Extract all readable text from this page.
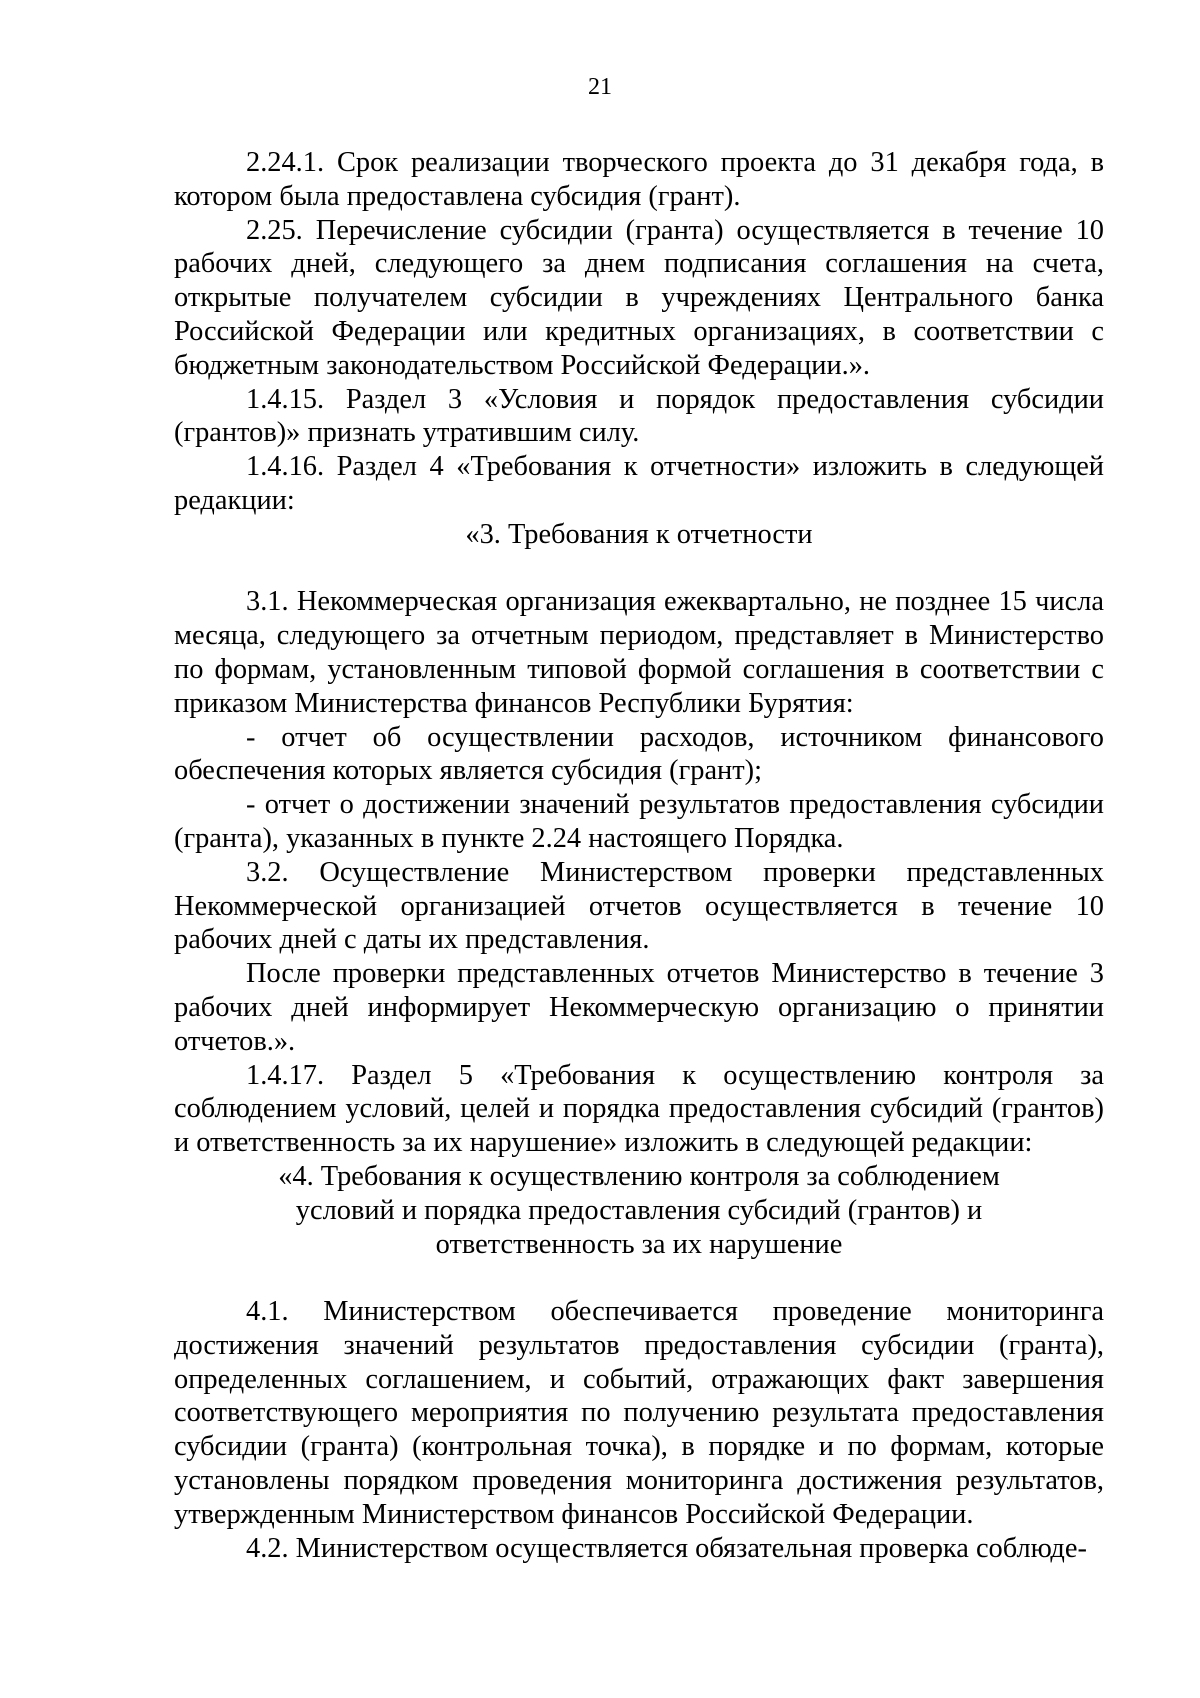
21

2.24.1. Срок реализации творческого проекта до 31 декабря года, в котором была предоставлена субсидия (грант).

2.25. Перечисление субсидии (гранта) осуществляется в течение 10 рабочих дней, следующего за днем подписания соглашения на счета, открытые получателем субсидии в учреждениях Центрального банка Российской Федерации или кредитных организациях, в соответствии с бюджетным законодательством Российской Федерации.».

1.4.15. Раздел 3 «Условия и порядок предоставления субсидии (грантов)» признать утратившим силу.

1.4.16. Раздел 4 «Требования к отчетности» изложить в следующей редакции:

«3. Требования к отчетности

3.1. Некоммерческая организация ежеквартально, не позднее 15 числа месяца, следующего за отчетным периодом, представляет в Министерство по формам, установленным типовой формой соглашения в соответствии с приказом Министерства финансов Республики Бурятия:

- отчет об осуществлении расходов, источником финансового обеспечения которых является субсидия (грант);

- отчет о достижении значений результатов предоставления субсидии (гранта), указанных в пункте 2.24 настоящего Порядка.

3.2. Осуществление Министерством проверки представленных Некоммерческой организацией отчетов осуществляется в течение 10 рабочих дней с даты их представления.

После проверки представленных отчетов Министерство в течение 3 рабочих дней информирует Некоммерческую организацию о принятии отчетов.».

1.4.17. Раздел 5 «Требования к осуществлению контроля за соблюдением условий, целей и порядка предоставления субсидий (грантов) и ответственность за их нарушение» изложить в следующей редакции:

«4. Требования к осуществлению контроля за соблюдением
условий и порядка предоставления субсидий (грантов) и
ответственность за их нарушение

4.1. Министерством обеспечивается проведение мониторинга достижения значений результатов предоставления субсидии (гранта), определенных соглашением, и событий, отражающих факт завершения соответствующего мероприятия по получению результата предоставления субсидии (гранта) (контрольная точка), в порядке и по формам, которые установлены порядком проведения мониторинга достижения результатов, утвержденным Министерством финансов Российской Федерации.

4.2. Министерством осуществляется обязательная проверка соблюде-
